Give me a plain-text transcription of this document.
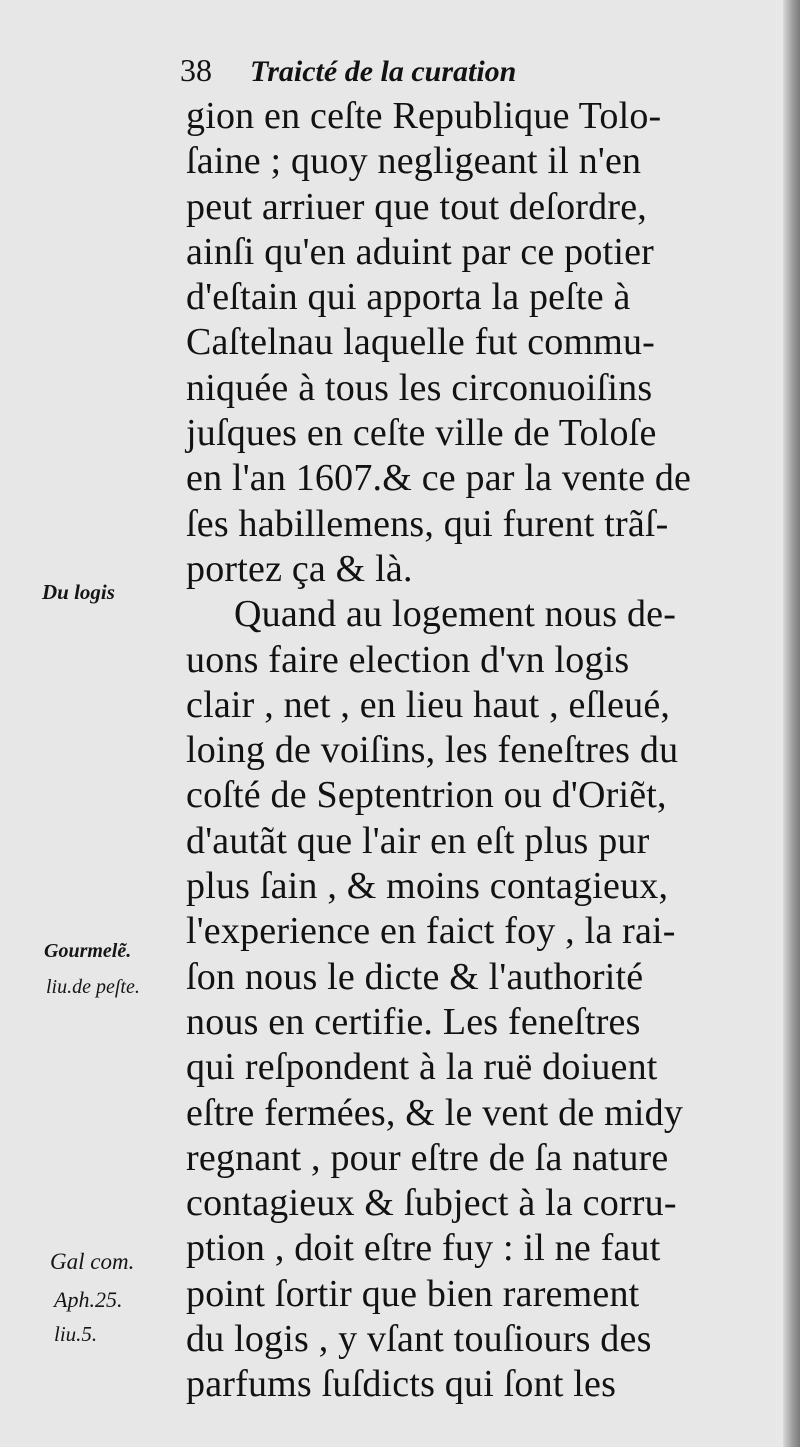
38 Traicté de la curation
gion en ceſte Republique Tolo-
ſaine ; quoy negligeant il n'en
peut arriuer que tout deſordre,
ainſi qu'en aduint par ce potier
d'eſtain qui apporta la peſte à
Caſtelnau laquelle fut commu-
niquée à tous les circonuoiſins
juſques en ceſte ville de Toloſe
en l'an 1607.& ce par la vente de
ſes habillemens, qui furent trãſ-
portez ça & là.
Quand au logement nous de-
uons faire election d'vn logis
clair , net , en lieu haut , eſleué,
loing de voiſins, les feneſtres du
coſté de Septentrion ou d'Oriẽt,
d'autãt que l'air en eſt plus pur
plus ſain , & moins contagieux,
l'experience en faict foy , la rai-
ſon nous le dicte & l'authorité
nous en certifie. Les feneſtres
qui reſpondent à la ruë doiuent
eſtre fermées, & le vent de midy
regnant , pour eſtre de ſa nature
contagieux & ſubject à la corru-
ption , doit eſtre fuy : il ne faut
point ſortir que bien rarement
du logis , y vſant touſiours des
parfums ſuſdicts qui ſont les
Du logis
Gourmelẽ.
liu.de peſte.
Gal com.
Aph.25.
liu.5.
